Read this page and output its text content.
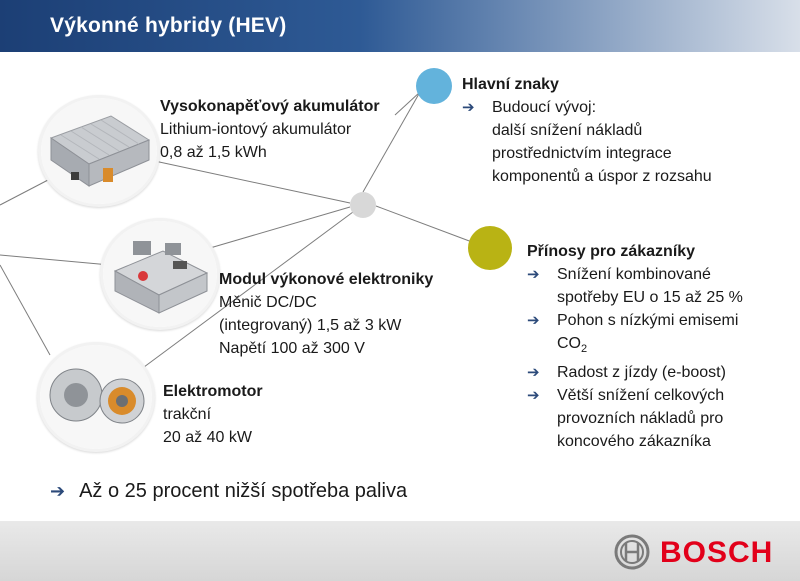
Výkonné hybridy (HEV)
Vysokonapěťový akumulátor
Lithium-iontový akumulátor
0,8 až 1,5 kWh
Modul výkonové elektroniky
Měnič DC/DC
(integrovaný) 1,5 až 3 kW
Napětí 100 až 300 V
Elektromotor
trakční
20 až 40 kW
Hlavní znaky
➔ Budoucí vývoj:
další snížení nákladů
prostřednictvím integrace
komponentů a úspor z rozsahu
Přínosy pro zákazníky
➔ Snížení kombinované
spotřeby EU o 15 až 25 %
➔ Pohon s nízkými emisemi
$CO_2$
➔ Radost z jízdy (e-boost)
➔ Větší snížení celkových
provozních nákladů pro
koncového zákazníka
➔ Až o 25 procent nižší spotřeba paliva
BOSCH
